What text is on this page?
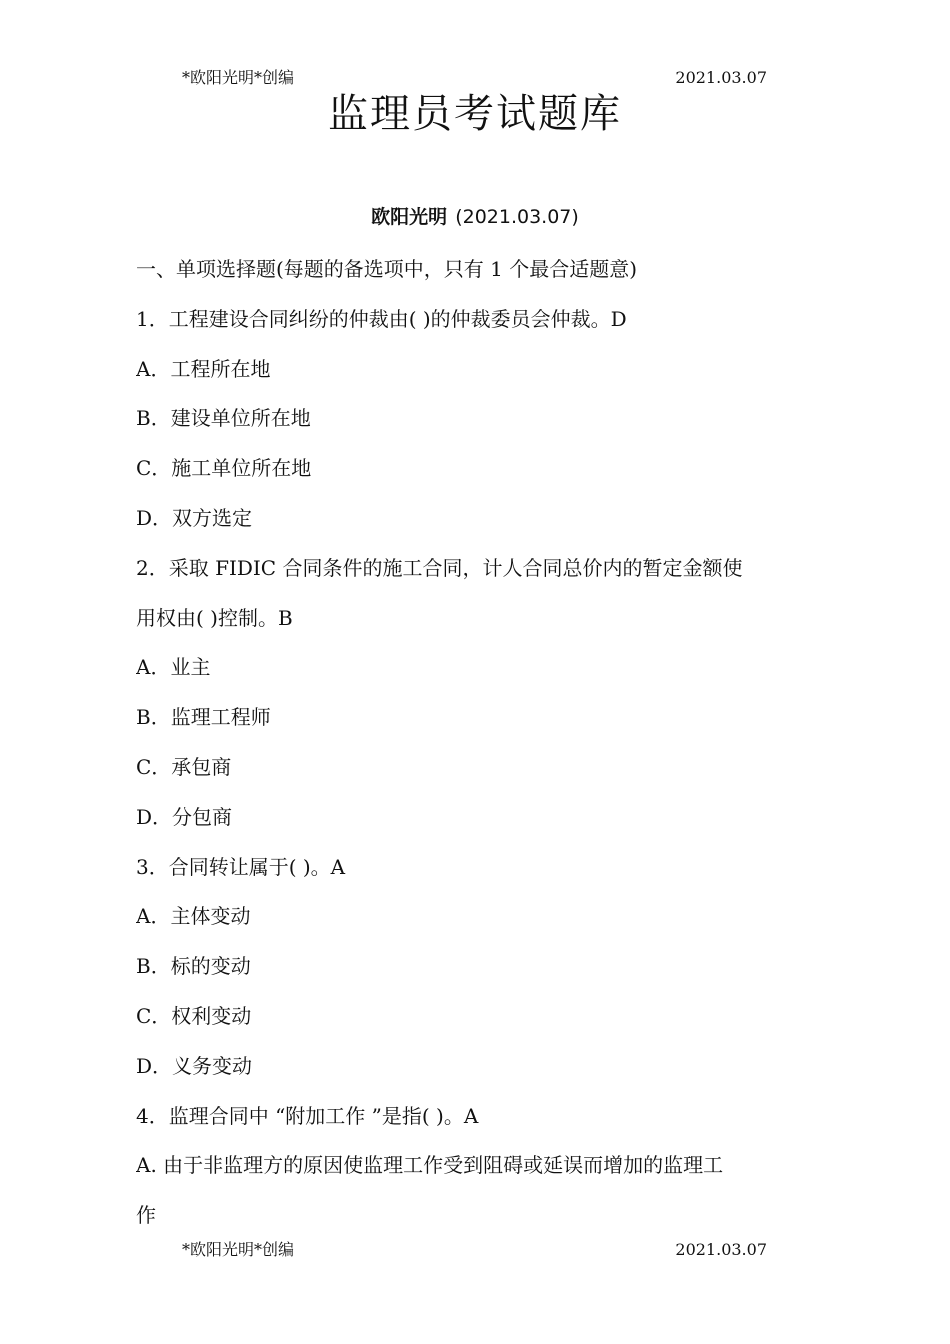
*欧阳光明*创编	2021.03.07
监理员考试题库
欧阳光明 (2021.03.07)
一、单项选择题(每题的备选项中，只有 1 个最合适题意)
1．工程建设合同纠纷的仲裁由( )的仲裁委员会仲裁。D
A．工程所在地
B．建设单位所在地
C．施工单位所在地
D．双方选定
2．采取 FIDIC 合同条件的施工合同，计人合同总价内的暂定金额使
用权由( )控制。B
A．业主
B．监理工程师
C．承包商
D．分包商
3．合同转让属于( )。A
A．主体变动
B．标的变动
C．权利变动
D．义务变动
4．监理合同中 “附加工作 ”是指( )。A
A. 由于非监理方的原因使监理工作受到阻碍或延误而增加的监理工
作
*欧阳光明*创编	2021.03.07
